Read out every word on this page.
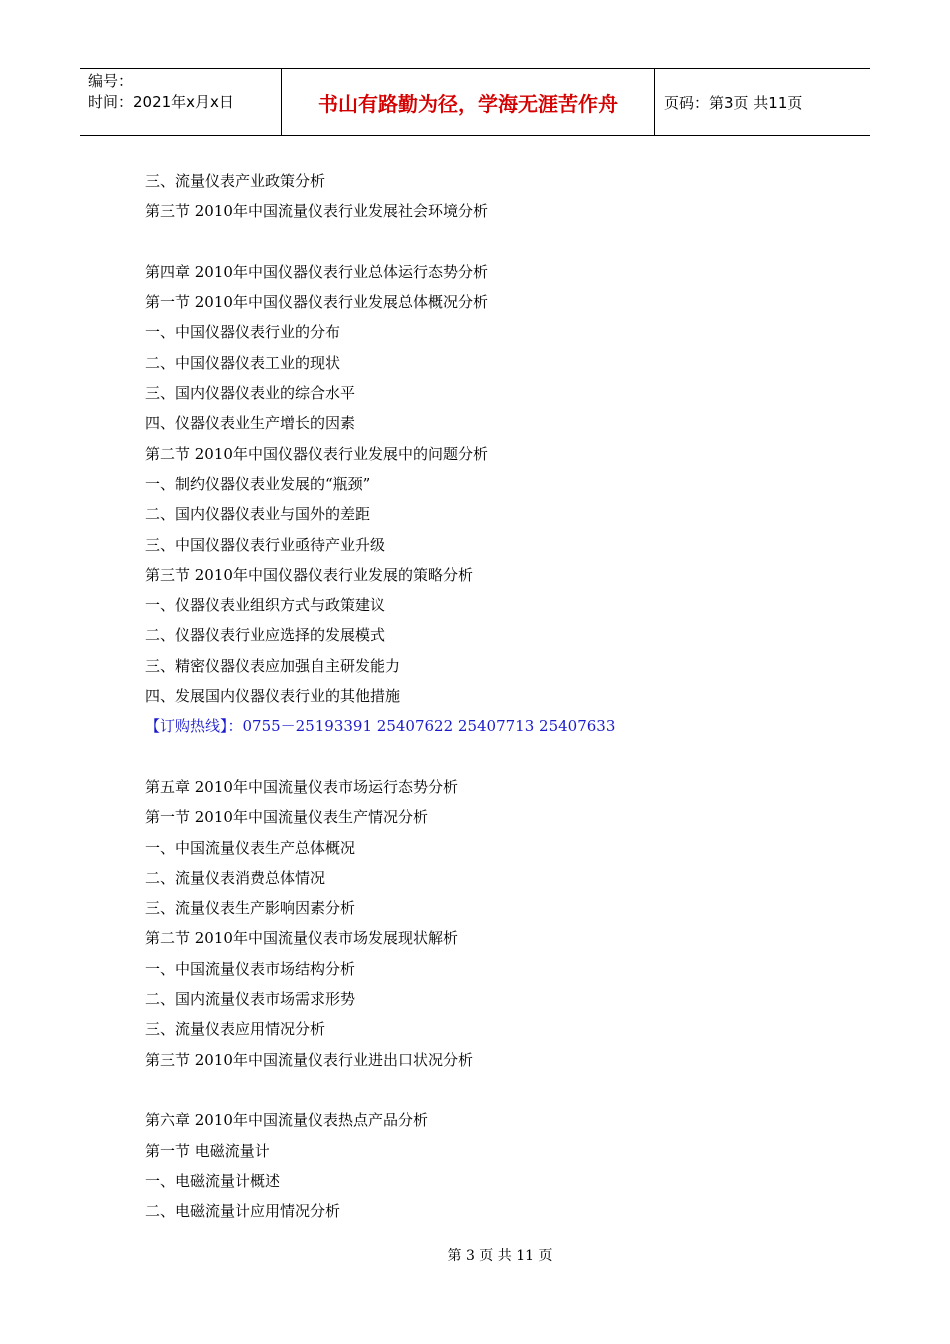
编号：
时间：2021年x月x日	书山有路勤为径，学海无涯苦作舟	页码：第3页 共11页
三、流量仪表产业政策分析
第三节 2010年中国流量仪表行业发展社会环境分析
第四章 2010年中国仪器仪表行业总体运行态势分析
第一节 2010年中国仪器仪表行业发展总体概况分析
一、中国仪器仪表行业的分布
二、中国仪器仪表工业的现状
三、国内仪器仪表业的综合水平
四、仪器仪表业生产增长的因素
第二节 2010年中国仪器仪表行业发展中的问题分析
一、制约仪器仪表业发展的“瓶颈”
二、国内仪器仪表业与国外的差距
三、中国仪器仪表行业亟待产业升级
第三节 2010年中国仪器仪表行业发展的策略分析
一、仪器仪表业组织方式与政策建议
二、仪器仪表行业应选择的发展模式
三、精密仪器仪表应加强自主研发能力
四、发展国内仪器仪表行业的其他措施
【订购热线】：0755－25193391 25407622 25407713 25407633
第五章 2010年中国流量仪表市场运行态势分析
第一节 2010年中国流量仪表生产情况分析
一、中国流量仪表生产总体概况
二、流量仪表消费总体情况
三、流量仪表生产影响因素分析
第二节 2010年中国流量仪表市场发展现状解析
一、中国流量仪表市场结构分析
二、国内流量仪表市场需求形势
三、流量仪表应用情况分析
第三节 2010年中国流量仪表行业进出口状况分析
第六章 2010年中国流量仪表热点产品分析
第一节 电磁流量计
一、电磁流量计概述
二、电磁流量计应用情况分析
第 3 页 共 11 页
